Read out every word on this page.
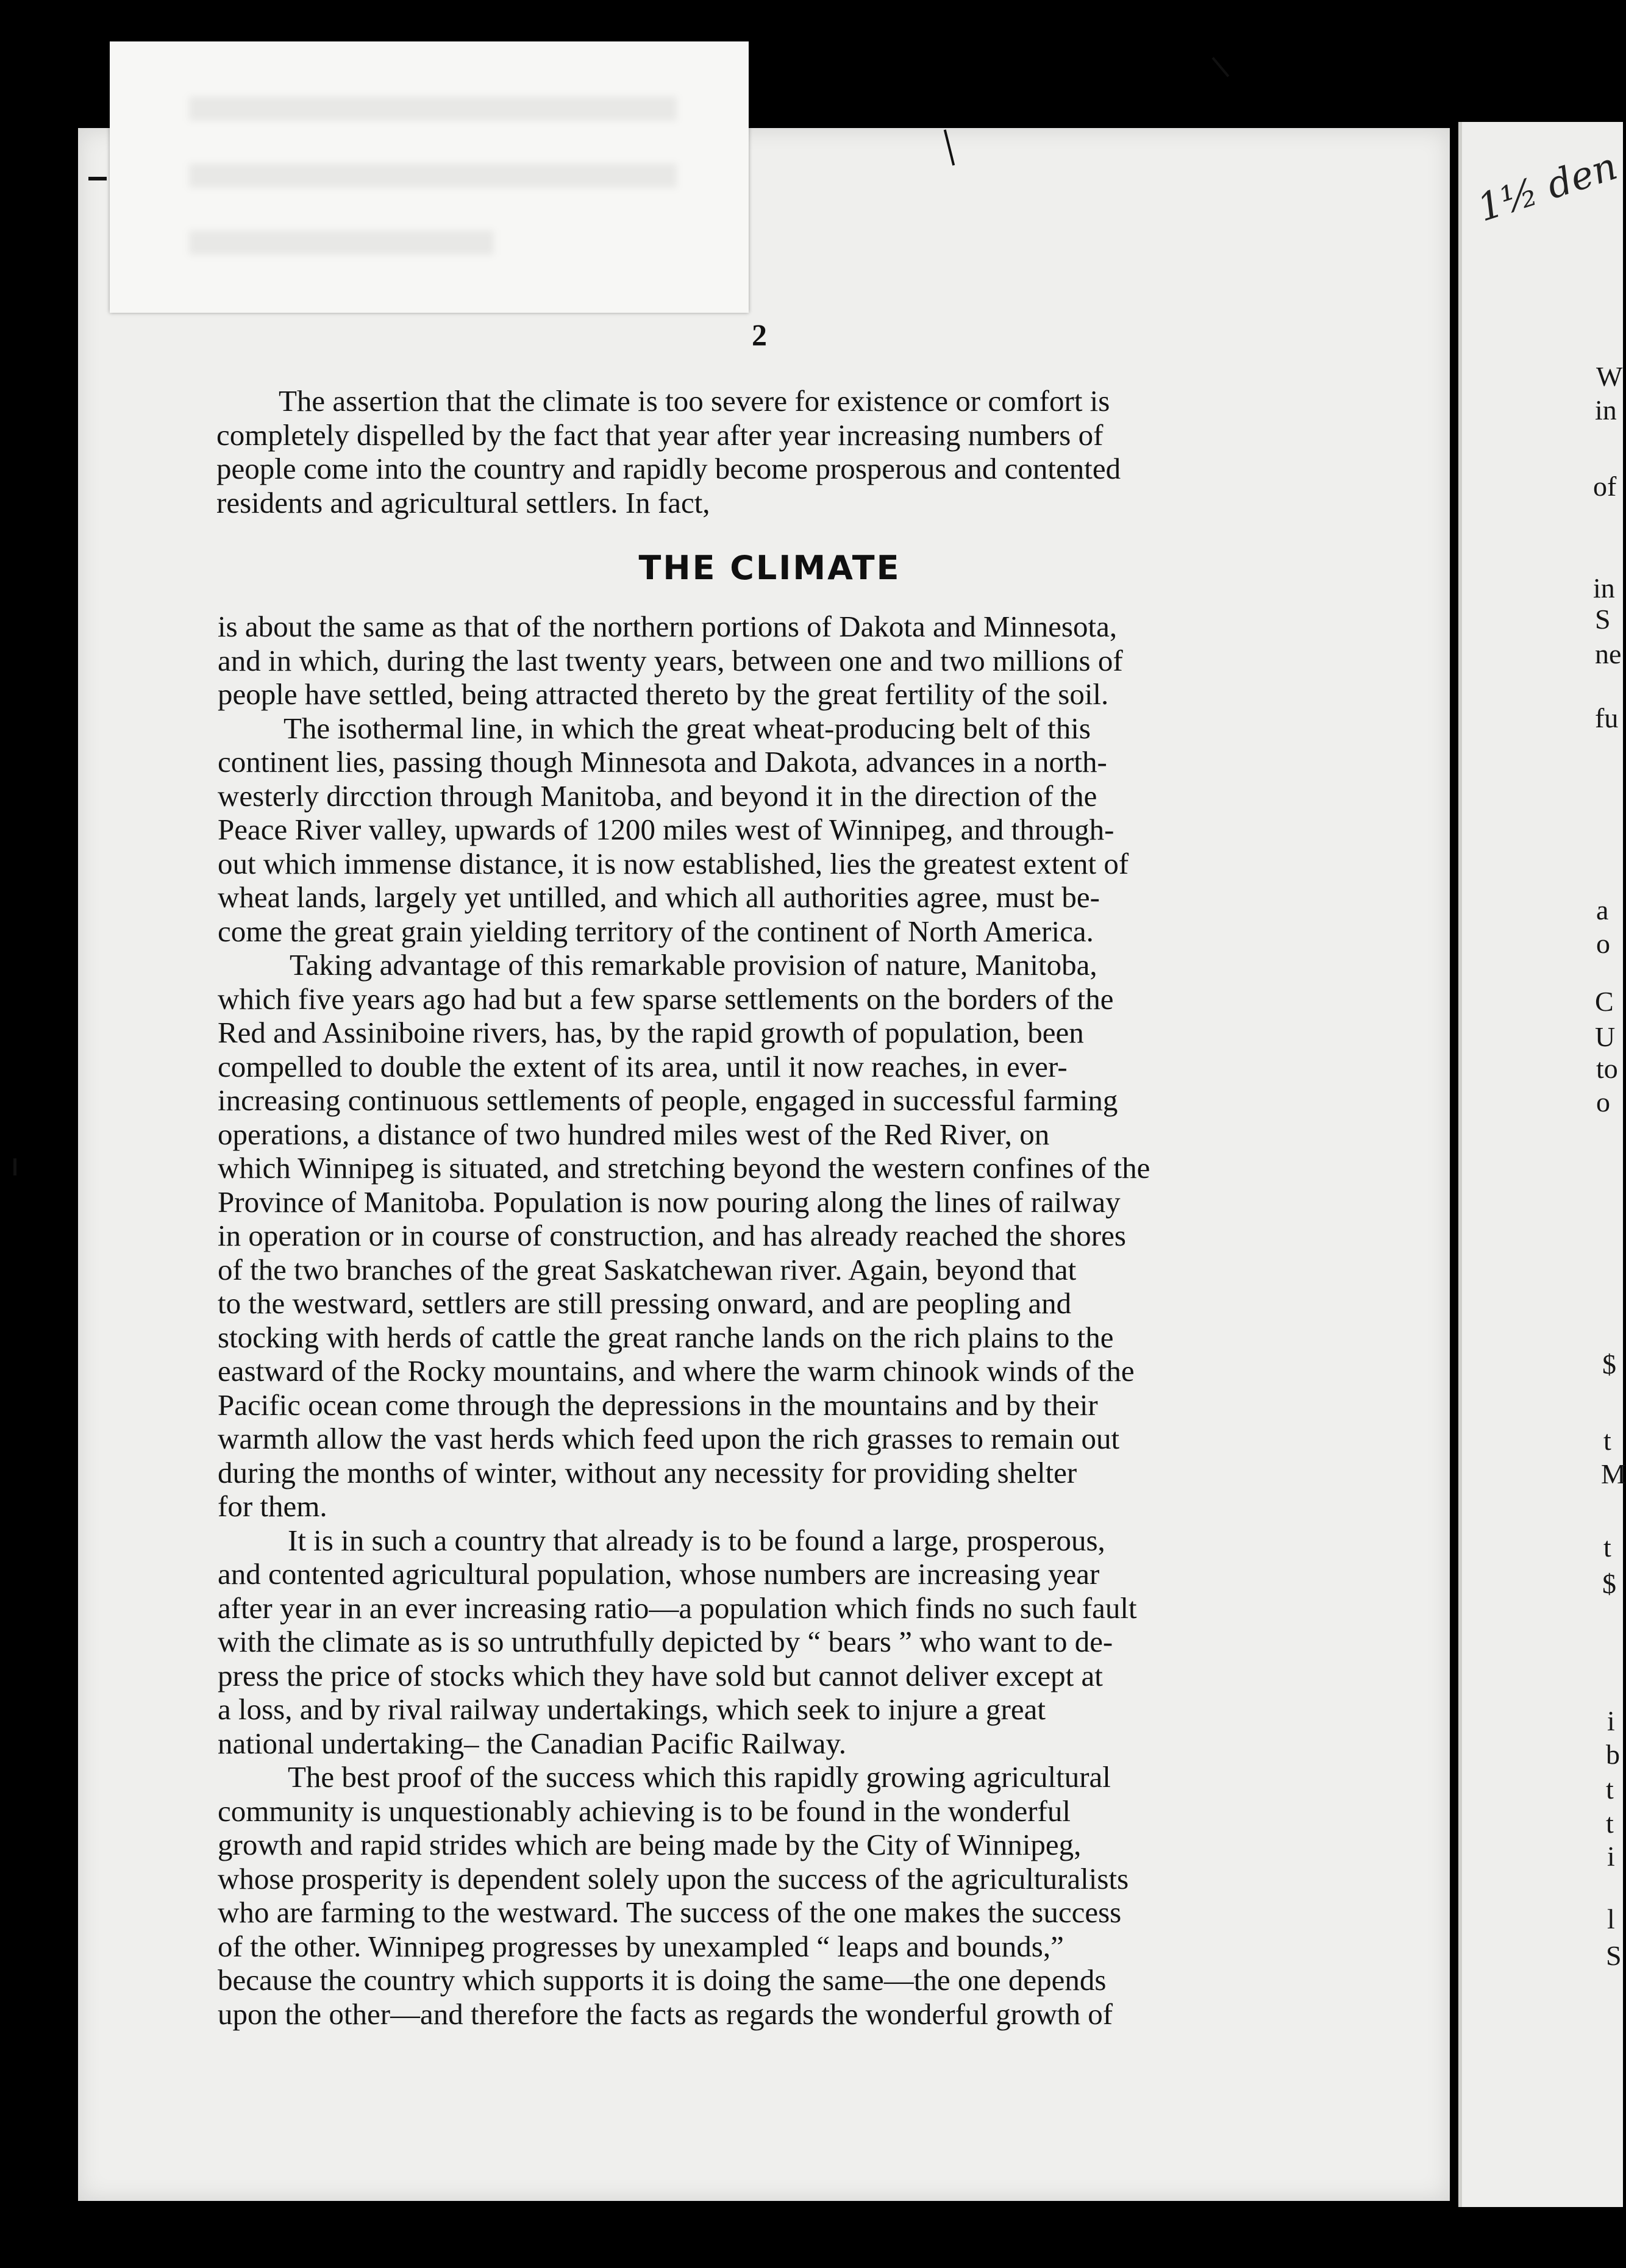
W
in
of
in
S
ne
fu
a
o
C
U
to
o
$
t
M
t
$
i
b
t
t
i
l
S
1½ den
2
The assertion that the climate is too severe for existence or comfort is
completely dispelled by the fact that year after year increasing numbers of
people come into the country and rapidly become prosperous and contented
residents and agricultural settlers. In fact,
THE CLIMATE
is about the same as that of the northern portions of Dakota and Minnesota,
and in which, during the last twenty years, between one and two millions of
people have settled, being attracted thereto by the great fertility of the soil.
The isothermal line, in which the great wheat-producing belt of this
continent lies, passing though Minnesota and Dakota, advances in a north-
westerly dircction through Manitoba, and beyond it in the direction of the
Peace River valley, upwards of 1200 miles west of Winnipeg, and through-
out which immense distance, it is now established, lies the greatest extent of
wheat lands, largely yet untilled, and which all authorities agree, must be-
come the great grain yielding territory of the continent of North America.
Taking advantage of this remarkable provision of nature, Manitoba,
which five years ago had but a few sparse settlements on the borders of the
Red and Assiniboine rivers, has, by the rapid growth of population, been
compelled to double the extent of its area, until it now reaches, in ever-
increasing continuous settlements of people, engaged in successful farming
operations, a distance of two hundred miles west of the Red River, on
which Winnipeg is situated, and stretching beyond the western confines of the
Province of Manitoba. Population is now pouring along the lines of railway
in operation or in course of construction, and has already reached the shores
of the two branches of the great Saskatchewan river. Again, beyond that
to the westward, settlers are still pressing onward, and are peopling and
stocking with herds of cattle the great ranche lands on the rich plains to the
eastward of the Rocky mountains, and where the warm chinook winds of the
Pacific ocean come through the depressions in the mountains and by their
warmth allow the vast herds which feed upon the rich grasses to remain out
during the months of winter, without any necessity for providing shelter
for them.
It is in such a country that already is to be found a large, prosperous,
and contented agricultural population, whose numbers are increasing year
after year in an ever increasing ratio—a population which finds no such fault
with the climate as is so untruthfully depicted by “ bears ” who want to de-
press the price of stocks which they have sold but cannot deliver except at
a loss, and by rival railway undertakings, which seek to injure a great
national undertaking– the Canadian Pacific Railway.
The best proof of the success which this rapidly growing agricultural
community is unquestionably achieving is to be found in the wonderful
growth and rapid strides which are being made by the City of Winnipeg,
whose prosperity is dependent solely upon the success of the agriculturalists
who are farming to the westward. The success of the one makes the success
of the other. Winnipeg progresses by unexampled “ leaps and bounds,”
because the country which supports it is doing the same—the one depends
upon the other—and therefore the facts as regards the wonderful growth of
